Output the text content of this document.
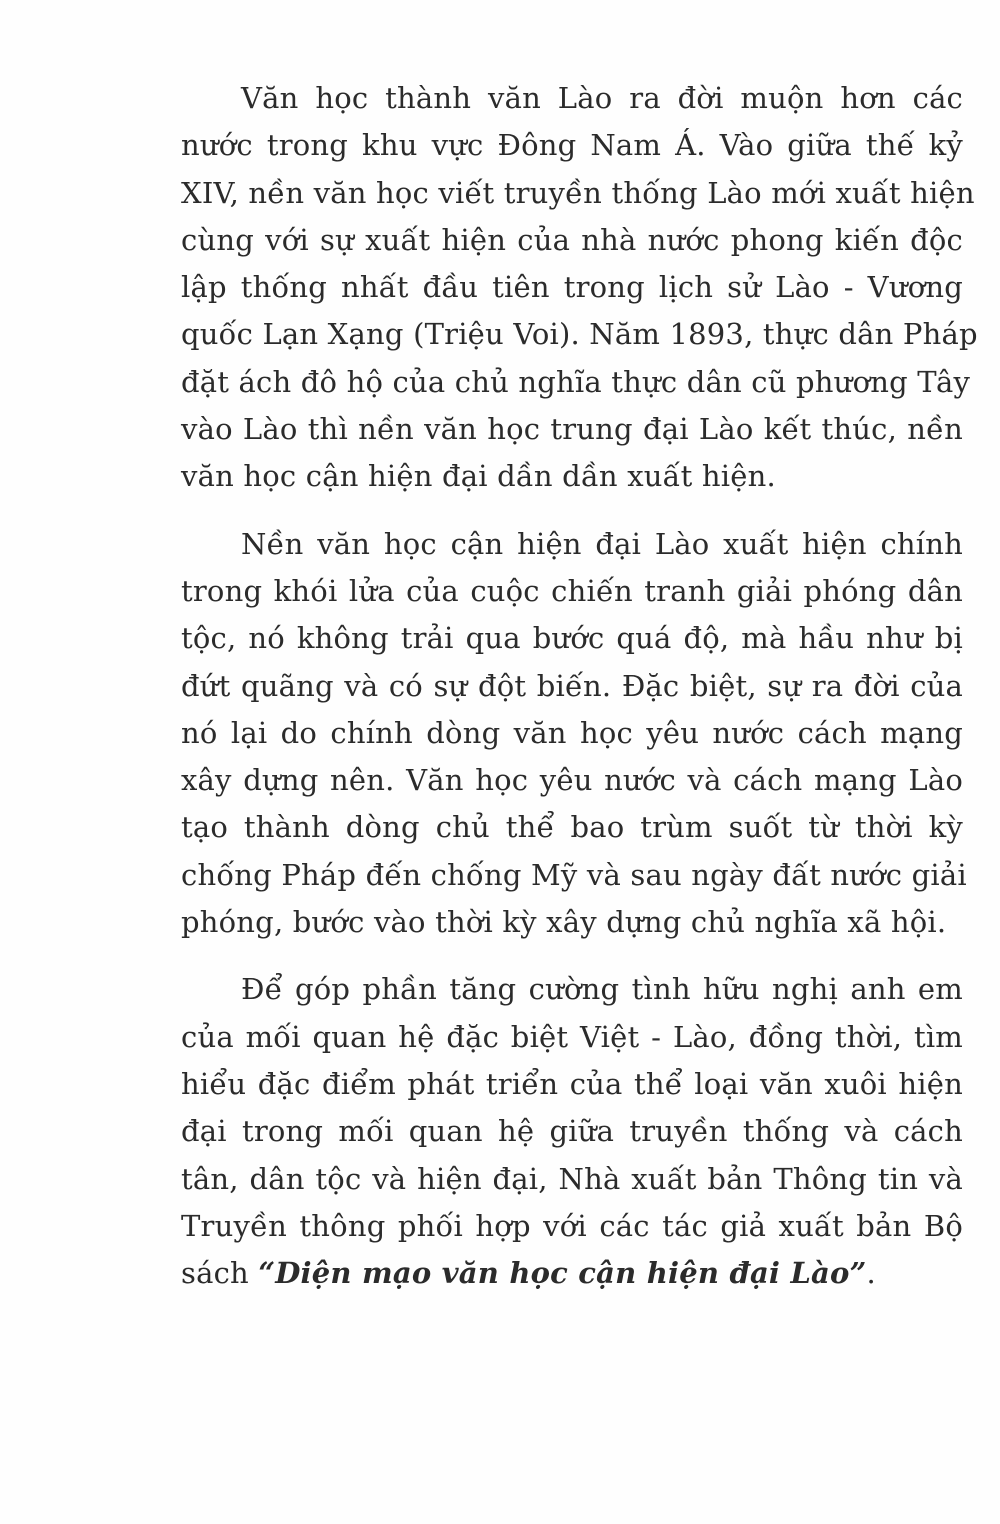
Văn học thành văn Lào ra đời muộn hơn các
nước trong khu vực Đông Nam Á. Vào giữa thế kỷ
XIV, nền văn học viết truyền thống Lào mới xuất hiện
cùng với sự xuất hiện của nhà nước phong kiến độc
lập thống nhất đầu tiên trong lịch sử Lào - Vương
quốc Lạn Xạng (Triệu Voi). Năm 1893, thực dân Pháp
đặt ách đô hộ của chủ nghĩa thực dân cũ phương Tây
vào Lào thì nền văn học trung đại Lào kết thúc, nền
văn học cận hiện đại dần dần xuất hiện.
Nền văn học cận hiện đại Lào xuất hiện chính
trong khói lửa của cuộc chiến tranh giải phóng dân
tộc, nó không trải qua bước quá độ, mà hầu như bị
đứt quãng và có sự đột biến. Đặc biệt, sự ra đời của
nó lại do chính dòng văn học yêu nước cách mạng
xây dựng nên. Văn học yêu nước và cách mạng Lào
tạo thành dòng chủ thể bao trùm suốt từ thời kỳ
chống Pháp đến chống Mỹ và sau ngày đất nước giải
phóng, bước vào thời kỳ xây dựng chủ nghĩa xã hội.
Để góp phần tăng cường tình hữu nghị anh em
của mối quan hệ đặc biệt Việt - Lào, đồng thời, tìm
hiểu đặc điểm phát triển của thể loại văn xuôi hiện
đại trong mối quan hệ giữa truyền thống và cách
tân, dân tộc và hiện đại, Nhà xuất bản Thông tin và
Truyền thông phối hợp với các tác giả xuất bản Bộ
sách “Diện mạo văn học cận hiện đại Lào”.
